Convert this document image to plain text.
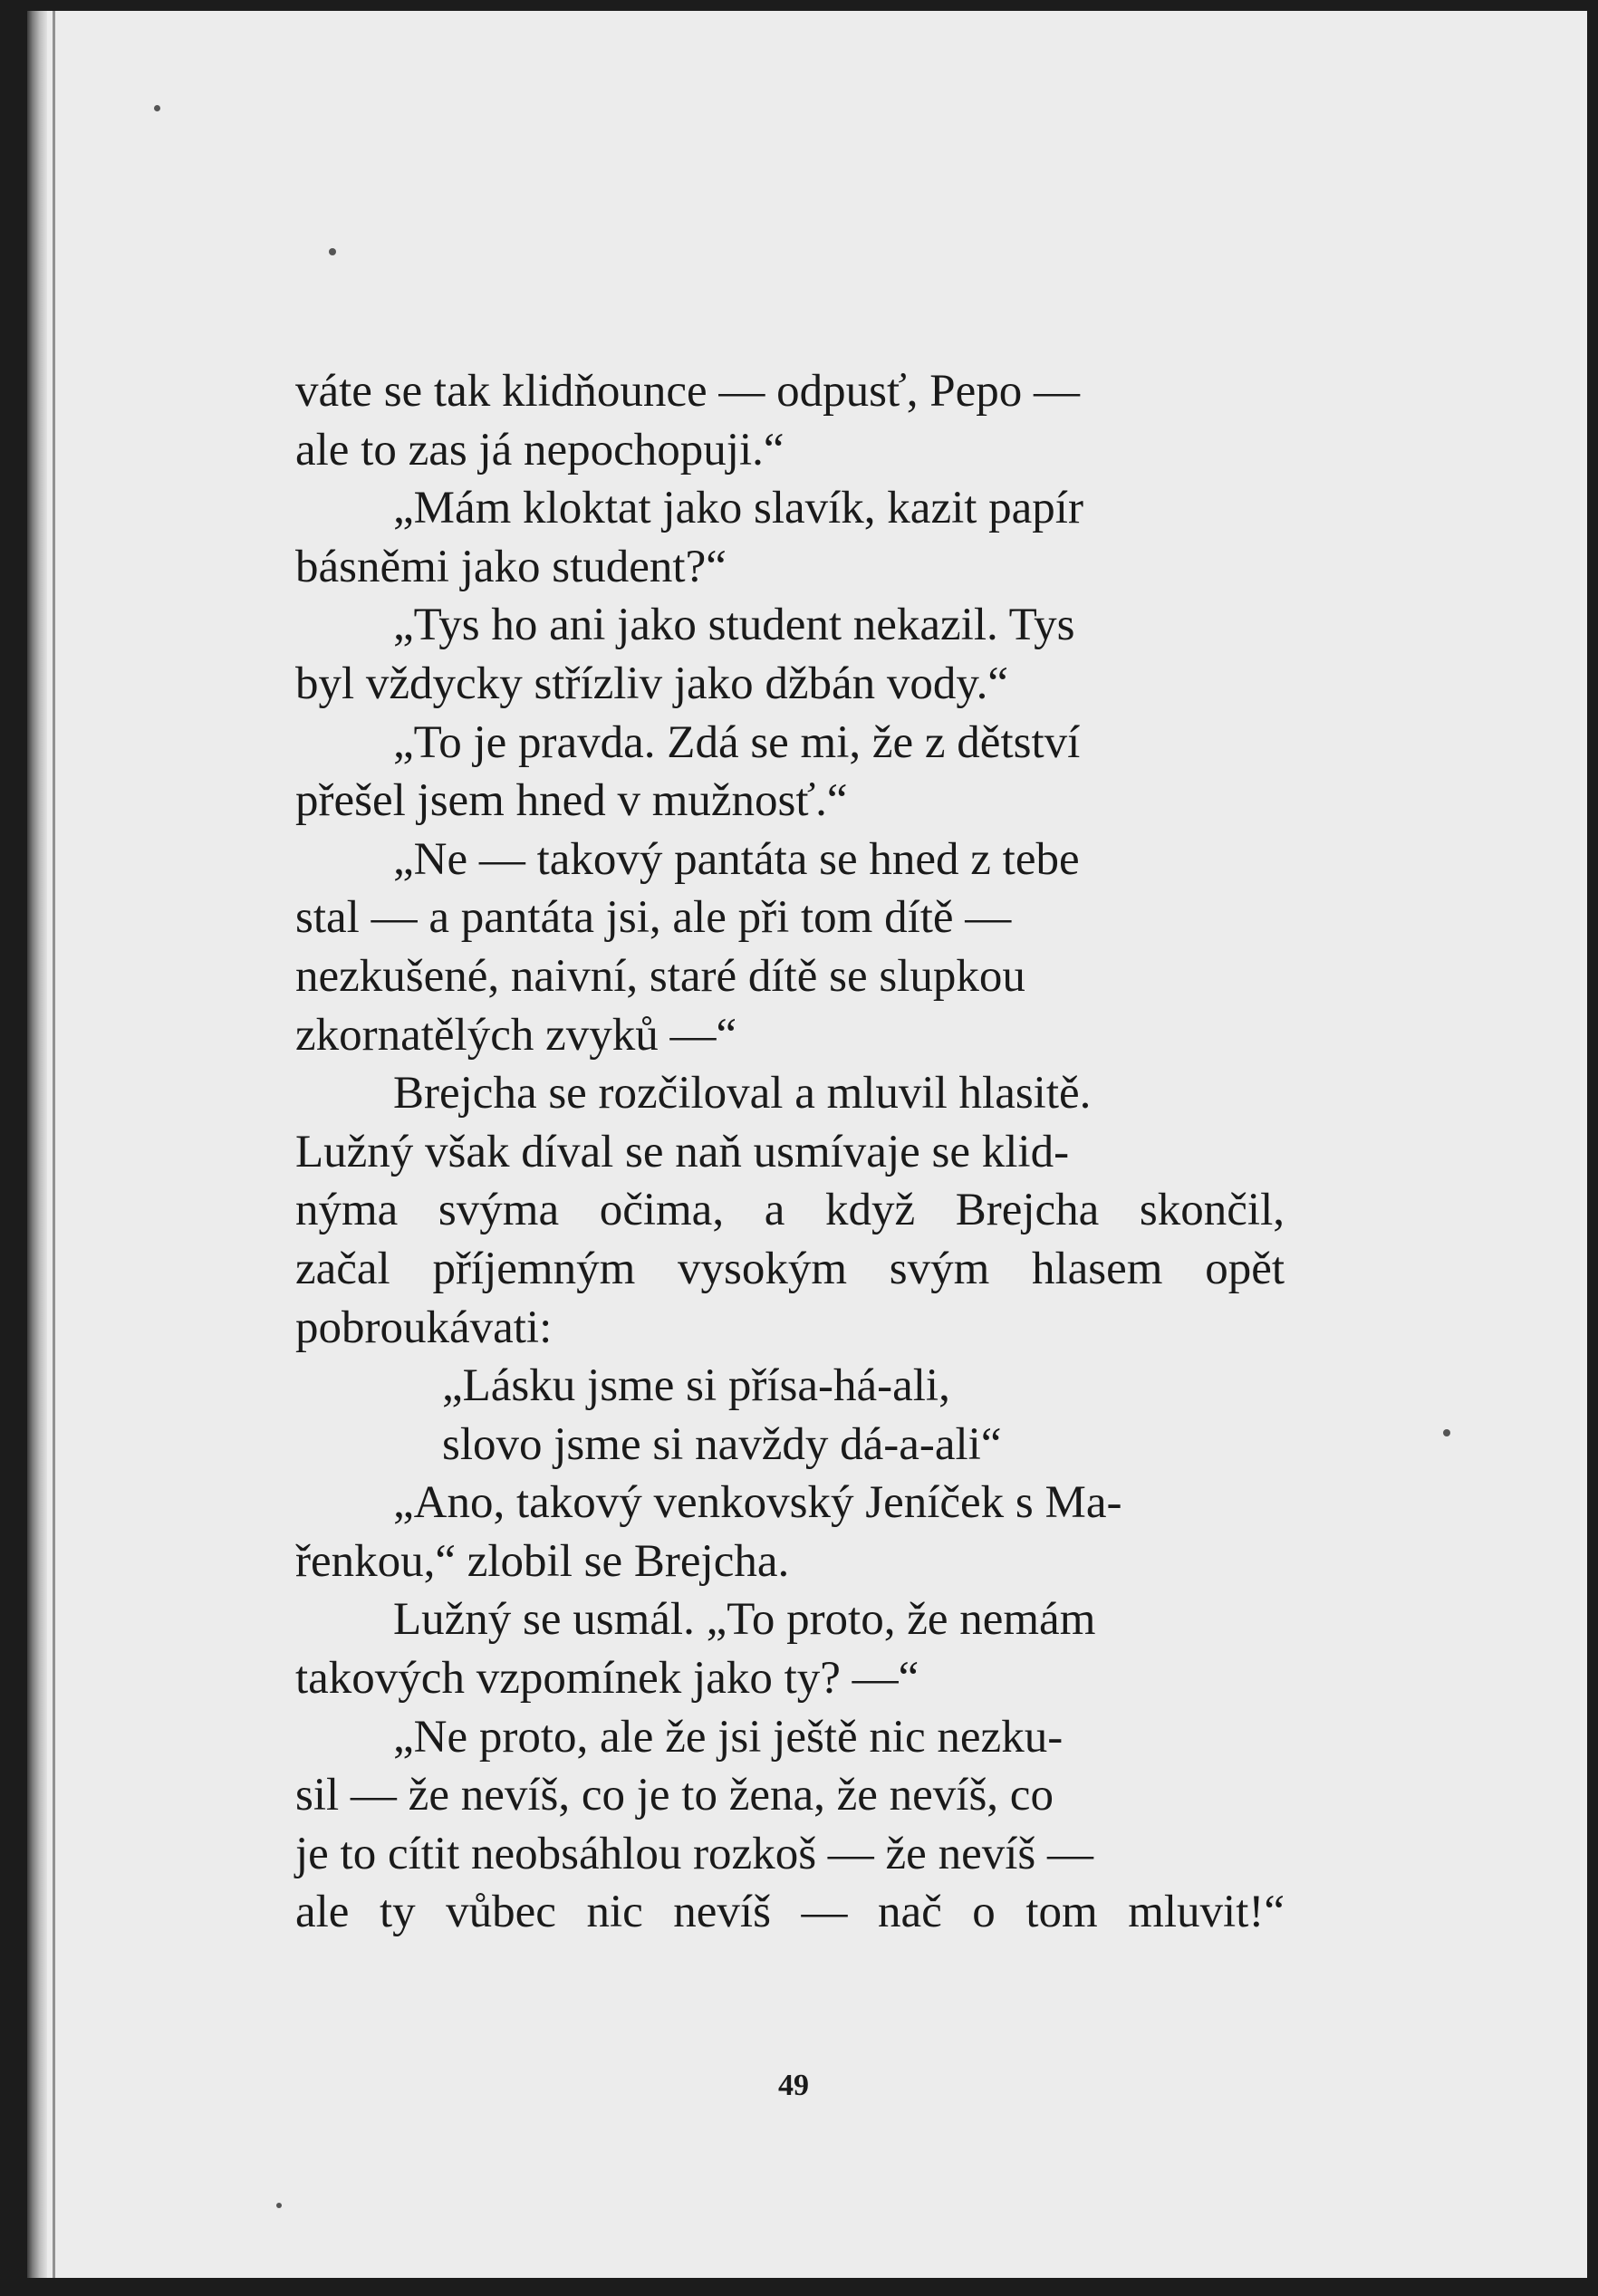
váte se tak klidňounce — odpusť, Pepo —
ale to zas já nepochopuji.“
„Mám kloktat jako slavík, kazit papír
básněmi jako student?“
„Tys ho ani jako student nekazil. Tys
byl vždycky střízliv jako džbán vody.“
„To je pravda. Zdá se mi, že z dětství
přešel jsem hned v mužnosť.“
„Ne — takový pantáta se hned z tebe
stal — a pantáta jsi, ale při tom dítě —
nezkušené, naivní, staré dítě se slupkou
zkornatělých zvyků —“
Brejcha se rozčiloval a mluvil hlasitě.
Lužný však díval se naň usmívaje se klid-
nýma svýma očima, a když Brejcha skončil,
začal příjemným vysokým svým hlasem opět
pobroukávati:
„Lásku jsme si přísa-há-ali,
slovo jsme si navždy dá-a-ali“
„Ano, takový venkovský Jeníček s Ma-
řenkou,“ zlobil se Brejcha.
Lužný se usmál. „To proto, že nemám
takových vzpomínek jako ty? —“
„Ne proto, ale že jsi ještě nic nezku-
sil — že nevíš, co je to žena, že nevíš, co
je to cítit neobsáhlou rozkoš — že nevíš —
ale ty vůbec nic nevíš — nač o tom mluvit!“
49
